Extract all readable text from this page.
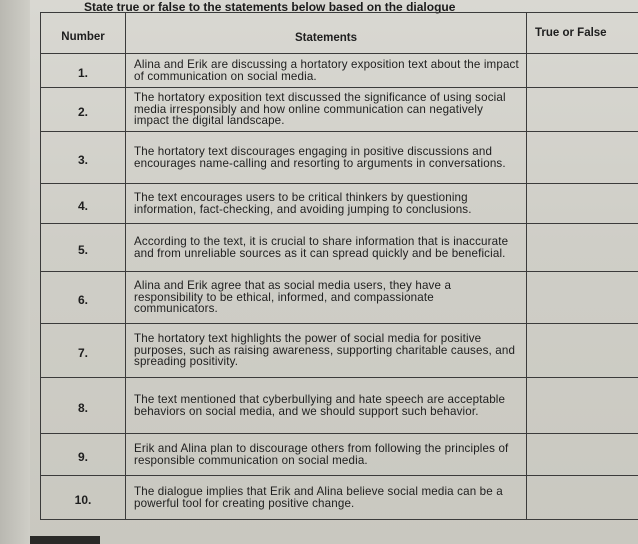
State true or false to the statements below based on the dialogue
Number	Statements	True or False
1.	Alina and Erik are discussing a hortatory exposition text about the impact of communication on social media.	
2.	The hortatory exposition text discussed the significance of using social media irresponsibly and how online communication can negatively impact the digital landscape.	
3.	The hortatory text discourages engaging in positive discussions and encourages name-calling and resorting to arguments in conversations.	
4.	The text encourages users to be critical thinkers by questioning information, fact-checking, and avoiding jumping to conclusions.	
5.	According to the text, it is crucial to share information that is inaccurate and from unreliable sources as it can spread quickly and be beneficial.	
6.	Alina and Erik agree that as social media users, they have a responsibility to be ethical, informed, and compassionate communicators.	
7.	The hortatory text highlights the power of social media for positive purposes, such as raising awareness, supporting charitable causes, and spreading positivity.	
8.	The text mentioned that cyberbullying and hate speech are acceptable behaviors on social media, and we should support such behavior.	
9.	Erik and Alina plan to discourage others from following the principles of responsible communication on social media.	
10.	The dialogue implies that Erik and Alina believe social media can be a powerful tool for creating positive change.	
